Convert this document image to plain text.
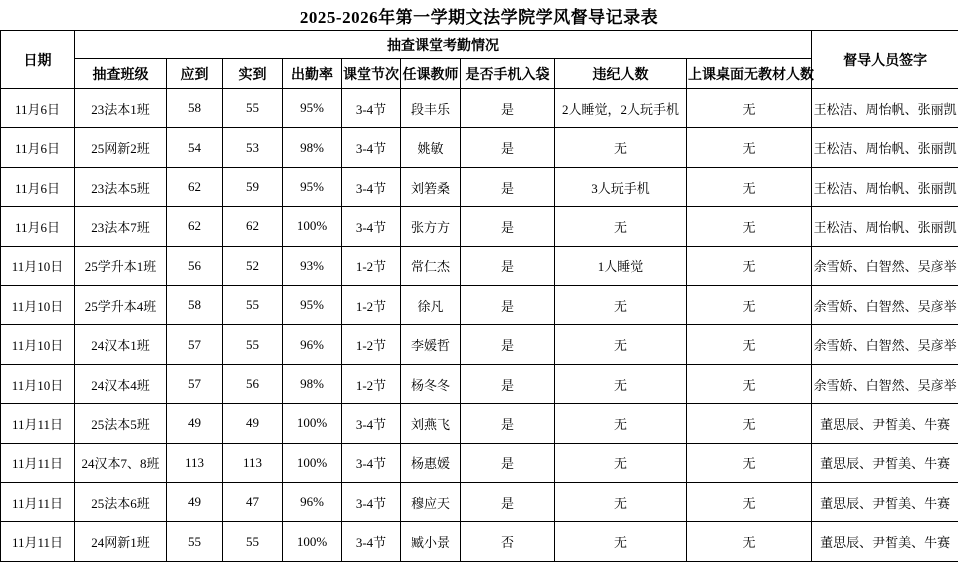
2025-2026年第一学期文法学院学风督导记录表
日期	抽查课堂考勤情况									督导人员签字
	抽查班级	应到	实到	出勤率	课堂节次	任课教师	是否手机入袋	违纪人数	上课桌面无教材人数	
11月6日	23法本1班	58	55	95%	3-4节	段丰乐	是	2人睡觉，2人玩手机	无	王松洁、周怡帆、张丽凯
11月6日	25网新2班	54	53	98%	3-4节	姚敏	是	无	无	王松洁、周怡帆、张丽凯
11月6日	23法本5班	62	59	95%	3-4节	刘箬桑	是	3人玩手机	无	王松洁、周怡帆、张丽凯
11月6日	23法本7班	62	62	100%	3-4节	张方方	是	无	无	王松洁、周怡帆、张丽凯
11月10日	25学升本1班	56	52	93%	1-2节	常仁杰	是	1人睡觉	无	余雪娇、白智然、吴彦举
11月10日	25学升本4班	58	55	95%	1-2节	徐凡	是	无	无	余雪娇、白智然、吴彦举
11月10日	24汉本1班	57	55	96%	1-2节	李媛哲	是	无	无	余雪娇、白智然、吴彦举
11月10日	24汉本4班	57	56	98%	1-2节	杨冬冬	是	无	无	余雪娇、白智然、吴彦举
11月11日	25法本5班	49	49	100%	3-4节	刘燕飞	是	无	无	董思辰、尹皙美、牛赛
11月11日	24汉本7、8班	113	113	100%	3-4节	杨惠媛	是	无	无	董思辰、尹皙美、牛赛
11月11日	25法本6班	49	47	96%	3-4节	穆应天	是	无	无	董思辰、尹皙美、牛赛
11月11日	24网新1班	55	55	100%	3-4节	臧小景	否	无	无	董思辰、尹皙美、牛赛
